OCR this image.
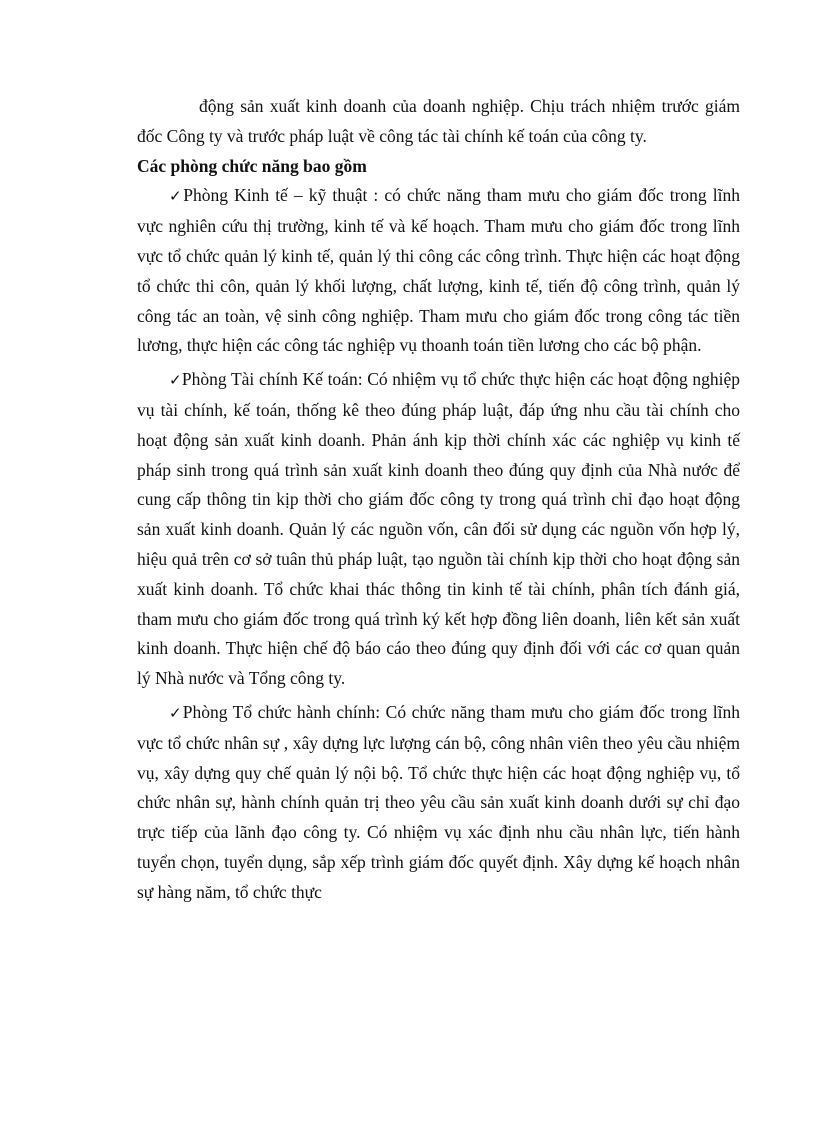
động sản xuất kinh doanh của doanh nghiệp. Chịu trách nhiệm trước giám đốc Công ty và trước pháp luật về công tác tài chính kế toán của công ty.

Các phòng chức năng bao gồm

✓Phòng Kinh tế – kỹ thuật : có chức năng tham mưu cho giám đốc trong lĩnh vực nghiên cứu thị trường, kinh tế và kế hoạch. Tham mưu cho giám đốc trong lĩnh vực tổ chức quản lý kinh tế, quản lý thi công các công trình. Thực hiện các hoạt động tổ chức thi côn, quản lý khối lượng, chất lượng, kinh tế, tiến độ công trình, quản lý công tác an toàn, vệ sinh công nghiệp. Tham mưu cho giám đốc trong công tác tiền lương, thực hiện các công tác nghiệp vụ thoanh toán tiền lương cho các bộ phận.

✓Phòng Tài chính Kế toán: Có nhiệm vụ tổ chức thực hiện các hoạt động nghiệp vụ tài chính, kế toán, thống kê theo đúng pháp luật, đáp ứng nhu cầu tài chính cho hoạt động sản xuất kinh doanh. Phản ánh kịp thời chính xác các nghiệp vụ kinh tế pháp sinh trong quá trình sản xuất kinh doanh theo đúng quy định của Nhà nước để cung cấp thông tin kịp thời cho giám đốc công ty trong quá trình chỉ đạo hoạt động sản xuất kinh doanh. Quản lý các nguồn vốn, cân đối sử dụng các nguồn vốn hợp lý, hiệu quả trên cơ sở tuân thủ pháp luật, tạo nguồn tài chính kịp thời cho hoạt động sản xuất kinh doanh. Tổ chức khai thác thông tin kinh tế tài chính, phân tích đánh giá, tham mưu cho giám đốc trong quá trình ký kết hợp đồng liên doanh, liên kết sản xuất kinh doanh. Thực hiện chế độ báo cáo theo đúng quy định đối với các cơ quan quản lý Nhà nước và Tổng công ty.

✓Phòng Tổ chức hành chính: Có chức năng tham mưu cho giám đốc trong lĩnh vực tổ chức nhân sự , xây dựng lực lượng cán bộ, công nhân viên theo yêu cầu nhiệm vụ, xây dựng quy chế quản lý nội bộ. Tổ chức thực hiện các hoạt động nghiệp vụ, tổ chức nhân sự, hành chính quản trị theo yêu cầu sản xuất kinh doanh dưới sự chỉ đạo trực tiếp của lãnh đạo công ty. Có nhiệm vụ xác định nhu cầu nhân lực, tiến hành tuyển chọn, tuyển dụng, sắp xếp trình giám đốc quyết định. Xây dựng kế hoạch nhân sự hàng năm, tổ chức thực
